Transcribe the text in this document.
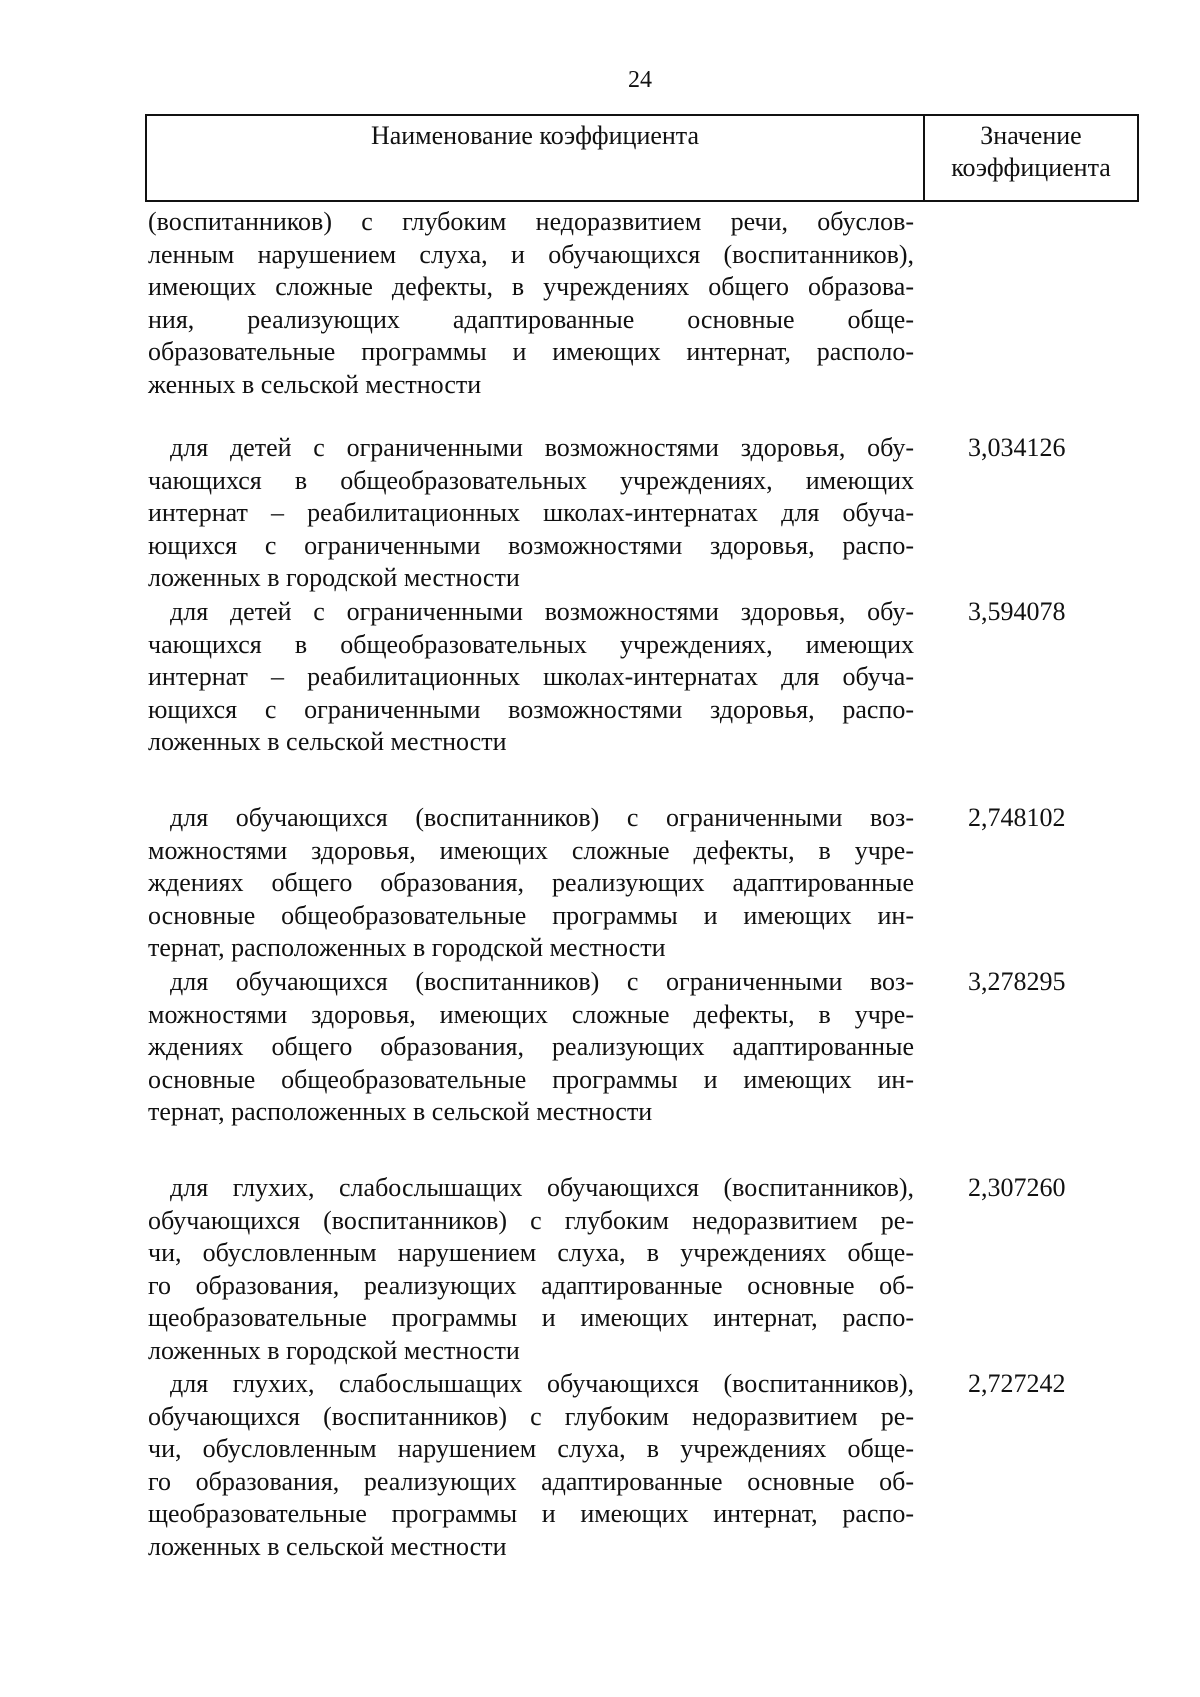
24
Наименование коэффициента	Значение
коэффициента
(воспитанников) с глубоким недоразвитием речи, обуслов-
ленным нарушением слуха, и обучающихся (воспитанников),
имеющих сложные дефекты, в учреждениях общего образова-
ния, реализующих адаптированные основные обще-
образовательные программы и имеющих интернат, располо-
женных в сельской местности
для детей с ограниченными возможностями здоровья, обу-
чающихся в общеобразовательных учреждениях, имеющих
интернат – реабилитационных школах-интернатах для обуча-
ющихся с ограниченными возможностями здоровья, распо-
ложенных в городской местности
3,034126
для детей с ограниченными возможностями здоровья, обу-
чающихся в общеобразовательных учреждениях, имеющих
интернат – реабилитационных школах-интернатах для обуча-
ющихся с ограниченными возможностями здоровья, распо-
ложенных в сельской местности
3,594078
для обучающихся (воспитанников) с ограниченными воз-
можностями здоровья, имеющих сложные дефекты, в учре-
ждениях общего образования, реализующих адаптированные
основные общеобразовательные программы и имеющих ин-
тернат, расположенных в городской местности
2,748102
для обучающихся (воспитанников) с ограниченными воз-
можностями здоровья, имеющих сложные дефекты, в учре-
ждениях общего образования, реализующих адаптированные
основные общеобразовательные программы и имеющих ин-
тернат, расположенных в сельской местности
3,278295
для глухих, слабослышащих обучающихся (воспитанников),
обучающихся (воспитанников) с глубоким недоразвитием ре-
чи, обусловленным нарушением слуха, в учреждениях обще-
го образования, реализующих адаптированные основные об-
щеобразовательные программы и имеющих интернат, распо-
ложенных в городской местности
2,307260
для глухих, слабослышащих обучающихся (воспитанников),
обучающихся (воспитанников) с глубоким недоразвитием ре-
чи, обусловленным нарушением слуха, в учреждениях обще-
го образования, реализующих адаптированные основные об-
щеобразовательные программы и имеющих интернат, распо-
ложенных в сельской местности
2,727242
